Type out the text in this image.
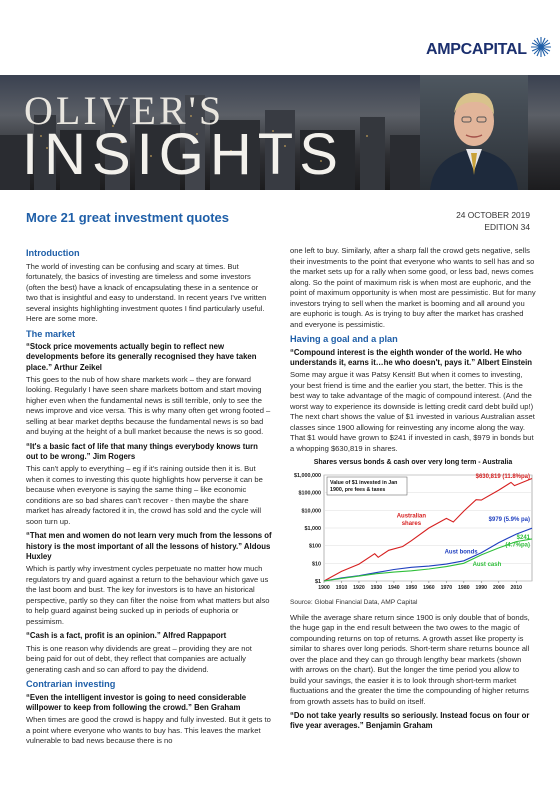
AMPCAPITAL
OLIVER'S
INSIGHTS
More 21 great investment quotes	24 OCTOBER 2019
EDITION 34
Introduction
The world of investing can be confusing and scary at times. But fortunately, the basics of investing are timeless and some investors (often the best) have a knack of encapsulating these in a sentence or two that is insightful and easy to understand. In recent years I've written several insights highlighting investment quotes I find particularly useful. Here are some more.
The market
“Stock price movements actually begin to reflect new developments before its generally recognised they have taken place.” Arthur Zeikel
This goes to the nub of how share markets work – they are forward looking. Regularly I have seen share markets bottom and start moving higher even when the fundamental news is still terrible, only to see the news improve and vice versa. This is why many often get wrong footed – selling at bear market depths because the fundamental news is so bad and buying at the height of a bull market because the news is so good.
“It's a basic fact of life that many things everybody knows turn out to be wrong.” Jim Rogers
This can't apply to everything – eg if it's raining outside then it is. But when it comes to investing this quote highlights how perverse it can be because when everyone is saying the same thing – like economic conditions are so bad shares can't recover - then maybe the share market has already factored it in, the crowd has sold and the cycle will soon turn up.
“That men and women do not learn very much from the lessons of history is the most important of all the lessons of history.” Aldous Huxley
Which is partly why investment cycles perpetuate no matter how much regulators try and guard against a return to the behaviour which gave us the last boom and bust. The key for investors is to have an historical perspective, partly so they can filter the noise from what matters but also to help guard against being sucked up in periods of euphoria or pessimism.
“Cash is a fact, profit is an opinion.” Alfred Rappaport
This is one reason why dividends are great – providing they are not being paid for out of debt, they reflect that companies are actually generating cash and so can afford to pay the dividend.
Contrarian investing
“Even the intelligent investor is going to need considerable willpower to keep from following the crowd.” Ben Graham
When times are good the crowd is happy and fully invested. But it gets to a point where everyone who wants to buy has. This leaves the market vulnerable to bad news because there is no
one left to buy. Similarly, after a sharp fall the crowd gets negative, sells their investments to the point that everyone who wants to sell has and so the market sets up for a rally when some good, or less bad, news comes along. So the point of maximum risk is when most are euphoric, and the point of maximum opportunity is when most are pessimistic. But for many investors trying to sell when the market is booming and all around you are euphoric is tough. As is trying to buy after the market has crashed and everyone is pessimistic.
Having a goal and a plan
“Compound interest is the eighth wonder of the world. He who understands it, earns it…he who doesn't, pays it.” Albert Einstein
Some may argue it was Patsy Kensit! But when it comes to investing, your best friend is time and the earlier you start, the better. This is the best way to take advantage of the magic of compound interest. (And the worst way to experience its downside is letting credit card debt build up!) The next chart shows the value of $1 invested in various Australian asset classes since 1900 allowing for reinvesting any income along the way. That $1 would have grown to $241 if invested in cash, $979 in bonds but a whopping $630,819 in shares.
Shares versus bonds & cash over very long term - Australia
$1
$10
$100
$1,000
$10,000
$100,000
$1,000,000
1900 1910 1920 1930 1940 1950 1960 1970 1980 1990 2000 2010
Value of $1 invested in Jan
1900, pre fees & taxes
Australian
shares
$630,819 (11.8%pa)
Aust bonds
$979 (5.9% pa)
$241
(4.7%pa)
Aust cash
Source: Global Financial Data, AMP Capital
While the average share return since 1900 is only double that of bonds, the huge gap in the end result between the two owes to the magic of compounding returns on top of returns. A growth asset like property is similar to shares over long periods. Short-term share returns bounce all over the place and they can go through lengthy bear markets (shown with arrows on the chart). But the longer the time period you allow to build your savings, the easier it is to look through short-term market fluctuations and the greater the time the compounding of higher returns from growth assets has to build on itself.
“Do not take yearly results so seriously. Instead focus on four or five year averages.” Benjamin Graham
